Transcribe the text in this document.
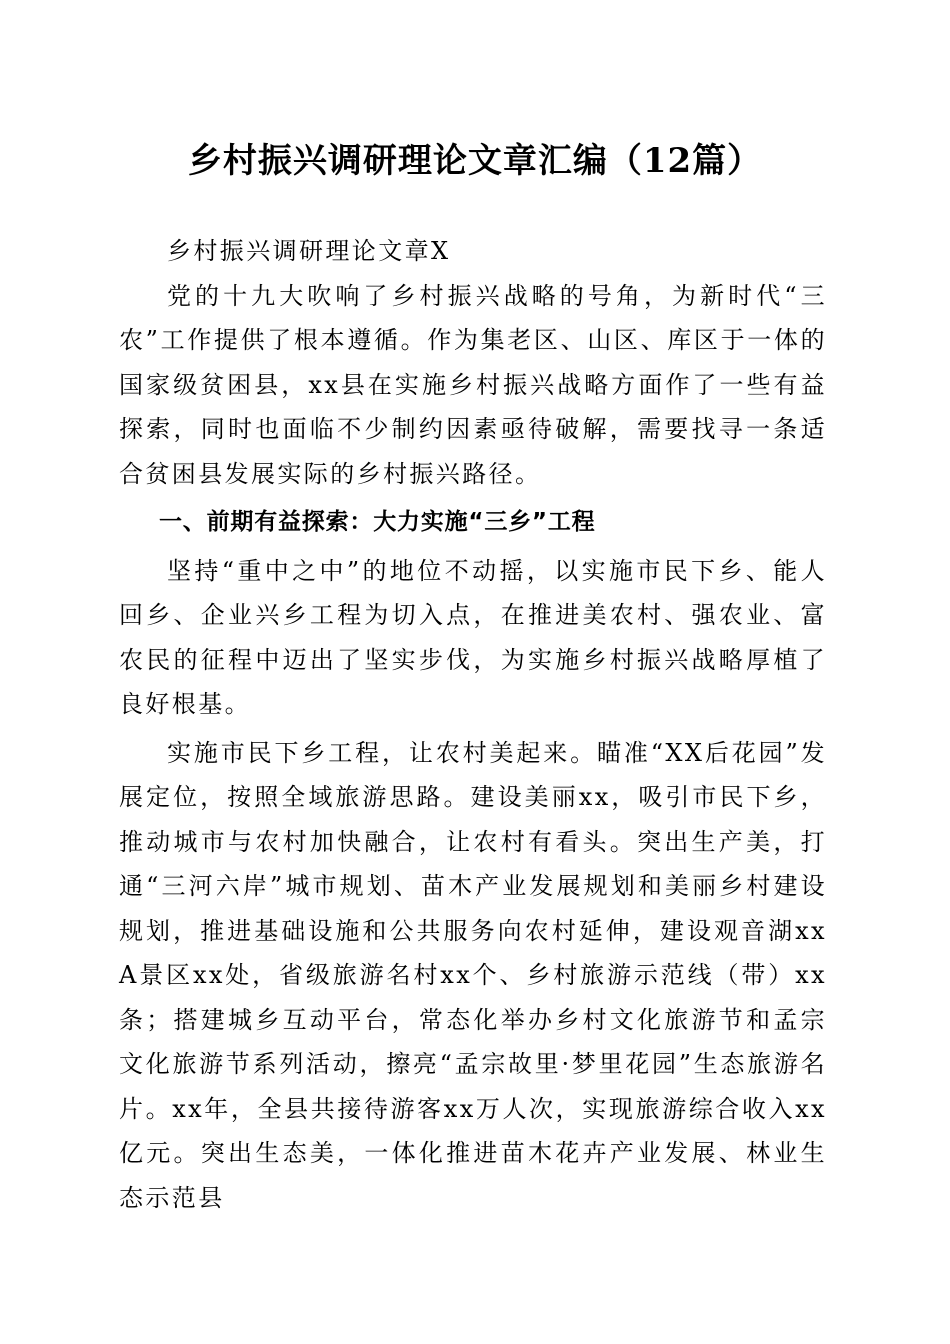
乡村振兴调研理论文章汇编（12篇）

乡村振兴调研理论文章X

党的十九大吹响了乡村振兴战略的号角，为新时代“三农”工作提供了根本遵循。作为集老区、山区、库区于一体的国家级贫困县，xx县在实施乡村振兴战略方面作了一些有益探索，同时也面临不少制约因素亟待破解，需要找寻一条适合贫困县发展实际的乡村振兴路径。

一、前期有益探索：大力实施“三乡”工程

坚持“重中之中”的地位不动摇，以实施市民下乡、能人回乡、企业兴乡工程为切入点，在推进美农村、强农业、富农民的征程中迈出了坚实步伐，为实施乡村振兴战略厚植了良好根基。

实施市民下乡工程，让农村美起来。瞄准“XX后花园”发展定位，按照全域旅游思路。建设美丽xx，吸引市民下乡，推动城市与农村加快融合，让农村有看头。突出生产美，打通“三河六岸”城市规划、苗木产业发展规划和美丽乡村建设规划，推进基础设施和公共服务向农村延伸，建设观音湖xxA景区xx处，省级旅游名村xx个、乡村旅游示范线（带）xx条；搭建城乡互动平台，常态化举办乡村文化旅游节和孟宗文化旅游节系列活动，擦亮“孟宗故里·梦里花园”生态旅游名片。xx年，全县共接待游客xx万人次，实现旅游综合收入xx亿元。突出生态美，一体化推进苗木花卉产业发展、林业生态示范县
